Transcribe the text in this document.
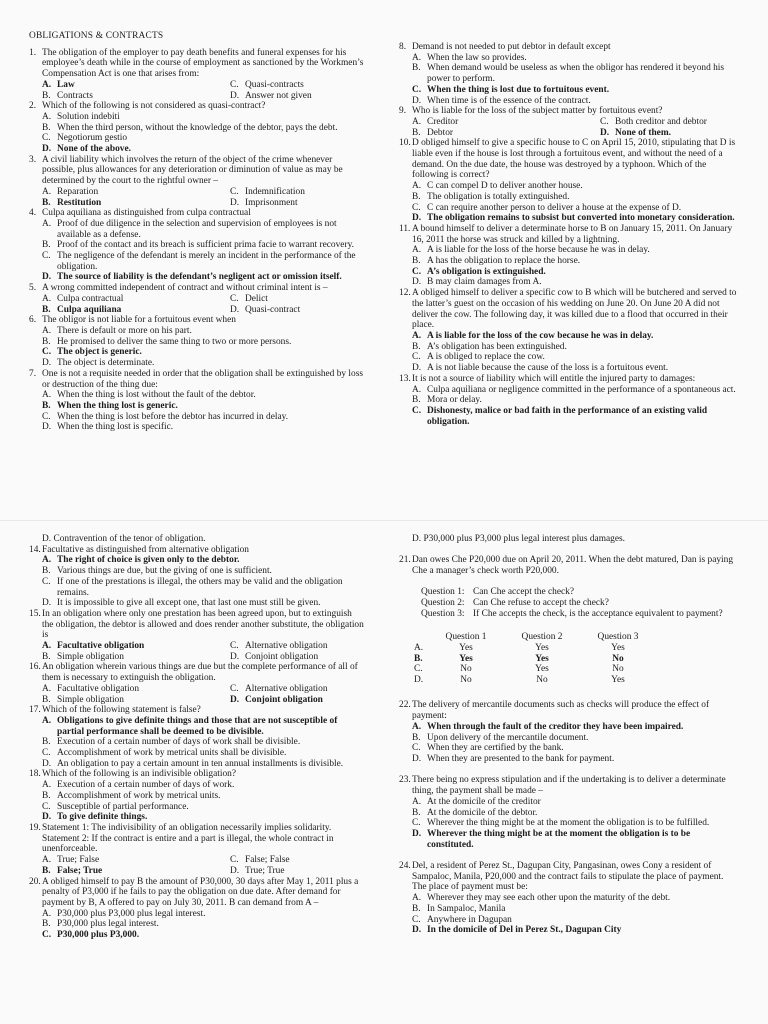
OBLIGATIONS & CONTRACTS
1. The obligation of the employer to pay death benefits and funeral expenses for his employee’s death while in the course of employment as sanctioned by the Workmen’s Compensation Act is one that arises from:
A. Law	C. Quasi-contracts
B. Contracts	D. Answer not given
2. Which of the following is not considered as quasi-contract?
A. Solution indebiti
B. When the third person, without the knowledge of the debtor, pays the debt.
C. Negotiorum gestio
D. None of the above.
3. A civil liability which involves the return of the object of the crime whenever possible, plus allowances for any deterioration or diminution of value as may be determined by the court to the rightful owner –
A. Reparation	C. Indemnification
B. Restitution	D. Imprisonment
4. Culpa aquiliana as distinguished from culpa contractual
A. Proof of due diligence in the selection and supervision of employees is not available as a defense.
B. Proof of the contact and its breach is sufficient prima facie to warrant recovery.
C. The negligence of the defendant is merely an incident in the performance of the obligation.
D. The source of liability is the defendant’s negligent act or omission itself.
5. A wrong committed independent of contract and without criminal intent is –
A. Culpa contractual	C. Delict
B. Culpa aquiliana	D. Quasi-contract
6. The obligor is not liable for a fortuitous event when
A. There is default or more on his part.
B. He promised to deliver the same thing to two or more persons.
C. The object is generic.
D. The object is determinate.
7. One is not a requisite needed in order that the obligation shall be extinguished by loss or destruction of the thing due:
A. When the thing is lost without the fault of the debtor.
B. When the thing lost is generic.
C. When the thing is lost before the debtor has incurred in delay.
D. When the thing lost is specific.
8. Demand is not needed to put debtor in default except
A. When the law so provides.
B. When demand would be useless as when the obligor has rendered it beyond his power to perform.
C. When the thing is lost due to fortuitous event.
D. When time is of the essence of the contract.
9. Who is liable for the loss of the subject matter by fortuitous event?
A. Creditor	C. Both creditor and debtor
B. Debtor	D. None of them.
10.D obliged himself to give a specific house to C on April 15, 2010, stipulating that D is liable even if the house is lost through a fortuitous event, and without the need of a demand. On the due date, the house was destroyed by a typhoon. Which of the following is correct?
A. C can compel D to deliver another house.
B. The obligation is totally extinguished.
C. C can require another person to deliver a house at the expense of D.
D. The obligation remains to subsist but converted into monetary consideration.
11. A bound himself to deliver a determinate horse to B on January 15, 2011. On January 16, 2011 the horse was struck and killed by a lightning.
A. A is liable for the loss of the horse because he was in delay.
B. A has the obligation to replace the horse.
C. A’s obligation is extinguished.
D. B may claim damages from A.
12.A obliged himself to deliver a specific cow to B which will be butchered and served to the latter’s guest on the occasion of his wedding on June 20. On June 20 A did not deliver the cow. The following day, it was killed due to a flood that occurred in their place.
A. A is liable for the loss of the cow because he was in delay.
B. A’s obligation has been extinguished.
C. A is obliged to replace the cow.
D. A is not liable because the cause of the loss is a fortuitous event.
13.It is not a source of liability which will entitle the injured party to damages:
A. Culpa aquiliana or negligence committed in the performance of a spontaneous act.
B. Mora or delay.
C. Dishonesty, malice or bad faith in the performance of an existing valid obligation.
D. Contravention of the tenor of obligation.
14.Facultative as distinguished from alternative obligation
A. The right of choice is given only to the debtor.
B. Various things are due, but the giving of one is sufficient.
C. If one of the prestations is illegal, the others may be valid and the obligation remains.
D. It is impossible to give all except one, that last one must still be given.
15.In an obligation where only one prestation has been agreed upon, but to extinguish the obligation, the debtor is allowed and does render another substitute, the obligation is
A. Facultative obligation	C. Alternative obligation
B. Simple obligation	D. Conjoint obligation
16.An obligation wherein various things are due but the complete performance of all of them is necessary to extinguish the obligation.
A. Facultative obligation	C. Alternative obligation
B. Simple obligation	D. Conjoint obligation
17.Which of the following statement is false?
A. Obligations to give definite things and those that are not susceptible of partial performance shall be deemed to be divisible.
B. Execution of a certain number of days of work shall be divisible.
C. Accomplishment of work by metrical units shall be divisible.
D. An obligation to pay a certain amount in ten annual installments is divisible.
18.Which of the following is an indivisible obligation?
A. Execution of a certain number of days of work.
B. Accomplishment of work by metrical units.
C. Susceptible of partial performance.
D. To give definite things.
19.Statement 1: The indivisibility of an obligation necessarily implies solidarity. Statement 2: If the contract is entire and a part is illegal, the whole contract in unenforceable.
A. True; False	C. False; False
B. False; True	D. True; True
20.A obliged himself to pay B the amount of P30,000, 30 days after May 1, 2011 plus a penalty of P3,000 if he fails to pay the obligation on due date. After demand for payment by B, A offered to pay on July 30, 2011. B can demand from A –
A. P30,000 plus P3,000 plus legal interest.
B. P30,000 plus legal interest.
C. P30,000 plus P3,000.
D. P30,000 plus P3,000 plus legal interest plus damages.
21.Dan owes Che P20,000 due on April 20, 2011. When the debt matured, Dan is paying Che a manager’s check worth P20,000.
Question 1: Can Che accept the check?
Question 2: Can Che refuse to accept the check?
Question 3: If Che accepts the check, is the acceptance equivalent to payment?
	Question 1	Question 2	Question 3
A.	Yes	Yes	Yes
B.	Yes	Yes	No
C.	No	Yes	No
D.	No	No	Yes
22.The delivery of mercantile documents such as checks will produce the effect of payment:
A. When through the fault of the creditor they have been impaired.
B. Upon delivery of the mercantile document.
C. When they are certified by the bank.
D. When they are presented to the bank for payment.
23.There being no express stipulation and if the undertaking is to deliver a determinate thing, the payment shall be made –
A. At the domicile of the creditor
B. At the domicile of the debtor.
C. Wherever the thing might be at the moment the obligation is to be fulfilled.
D. Wherever the thing might be at the moment the obligation is to be constituted.
24.Del, a resident of Perez St., Dagupan City, Pangasinan, owes Cony a resident of Sampaloc, Manila, P20,000 and the contract fails to stipulate the place of payment. The place of payment must be:
A. Wherever they may see each other upon the maturity of the debt.
B. In Sampaloc, Manila
C. Anywhere in Dagupan
D. In the domicile of Del in Perez St., Dagupan City
